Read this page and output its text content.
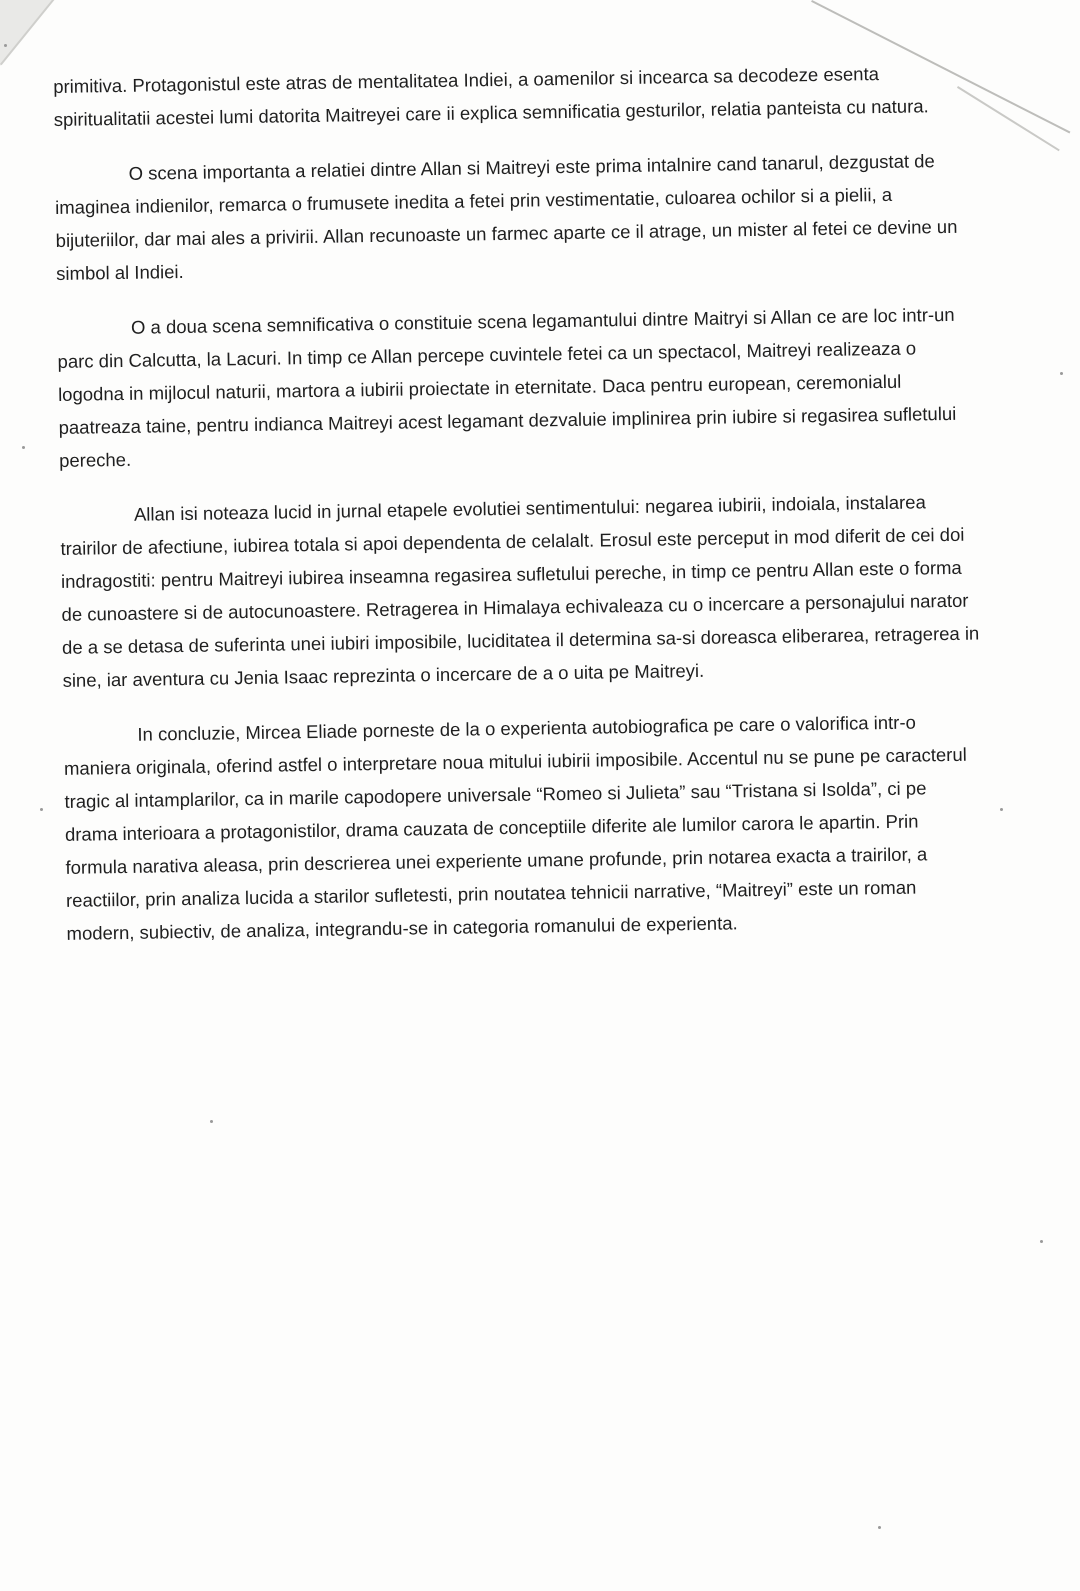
primitiva. Protagonistul este atras de mentalitatea Indiei, a oamenilor si incearca sa decodeze esenta spiritualitatii acestei lumi datorita Maitreyei care ii explica semnificatia gesturilor, relatia panteista cu natura.

O scena importanta a relatiei dintre Allan si Maitreyi este prima intalnire cand tanarul, dezgustat de imaginea indienilor, remarca o frumusete inedita a fetei prin vestimentatie, culoarea ochilor si a pielii, a bijuteriilor, dar mai ales a privirii. Allan recunoaste un farmec aparte ce il atrage, un mister al fetei ce devine un simbol al Indiei.

O a doua scena semnificativa o constituie scena legamantului dintre Maitryi si Allan ce are loc intr-un parc din Calcutta, la Lacuri. In timp ce Allan percepe cuvintele fetei ca un spectacol, Maitreyi realizeaza o logodna in mijlocul naturii, martora a iubirii proiectate in eternitate. Daca pentru european, ceremonialul paatreaza taine, pentru indianca Maitreyi acest legamant dezvaluie implinirea prin iubire si regasirea sufletului pereche.

Allan isi noteaza lucid in jurnal etapele evolutiei sentimentului: negarea iubirii, indoiala, instalarea trairilor de afectiune, iubirea totala si apoi dependenta de celalalt. Erosul este perceput in mod diferit de cei doi indragostiti: pentru Maitreyi iubirea inseamna regasirea sufletului pereche, in timp ce pentru Allan este o forma de cunoastere si de autocunoastere. Retragerea in Himalaya echivaleaza cu o incercare a personajului narator de a se detasa de suferinta unei iubiri imposibile, luciditatea il determina sa-si doreasca eliberarea, retragerea in sine, iar aventura cu Jenia Isaac reprezinta o incercare de a o uita pe Maitreyi.

In concluzie, Mircea Eliade porneste de la o experienta autobiografica pe care o valorifica intr-o maniera originala, oferind astfel o interpretare noua mitului iubirii imposibile. Accentul nu se pune pe caracterul tragic al intamplarilor, ca in marile capodopere universale “Romeo si Julieta” sau “Tristana si Isolda”, ci pe drama interioara a protagonistilor, drama cauzata de conceptiile diferite ale lumilor carora le apartin. Prin formula narativa aleasa, prin descrierea unei experiente umane profunde, prin notarea exacta a trairilor, a reactiilor, prin analiza lucida a starilor sufletesti, prin noutatea tehnicii narrative, “Maitreyi” este un roman modern, subiectiv, de analiza, integrandu-se in categoria romanului de experienta.
